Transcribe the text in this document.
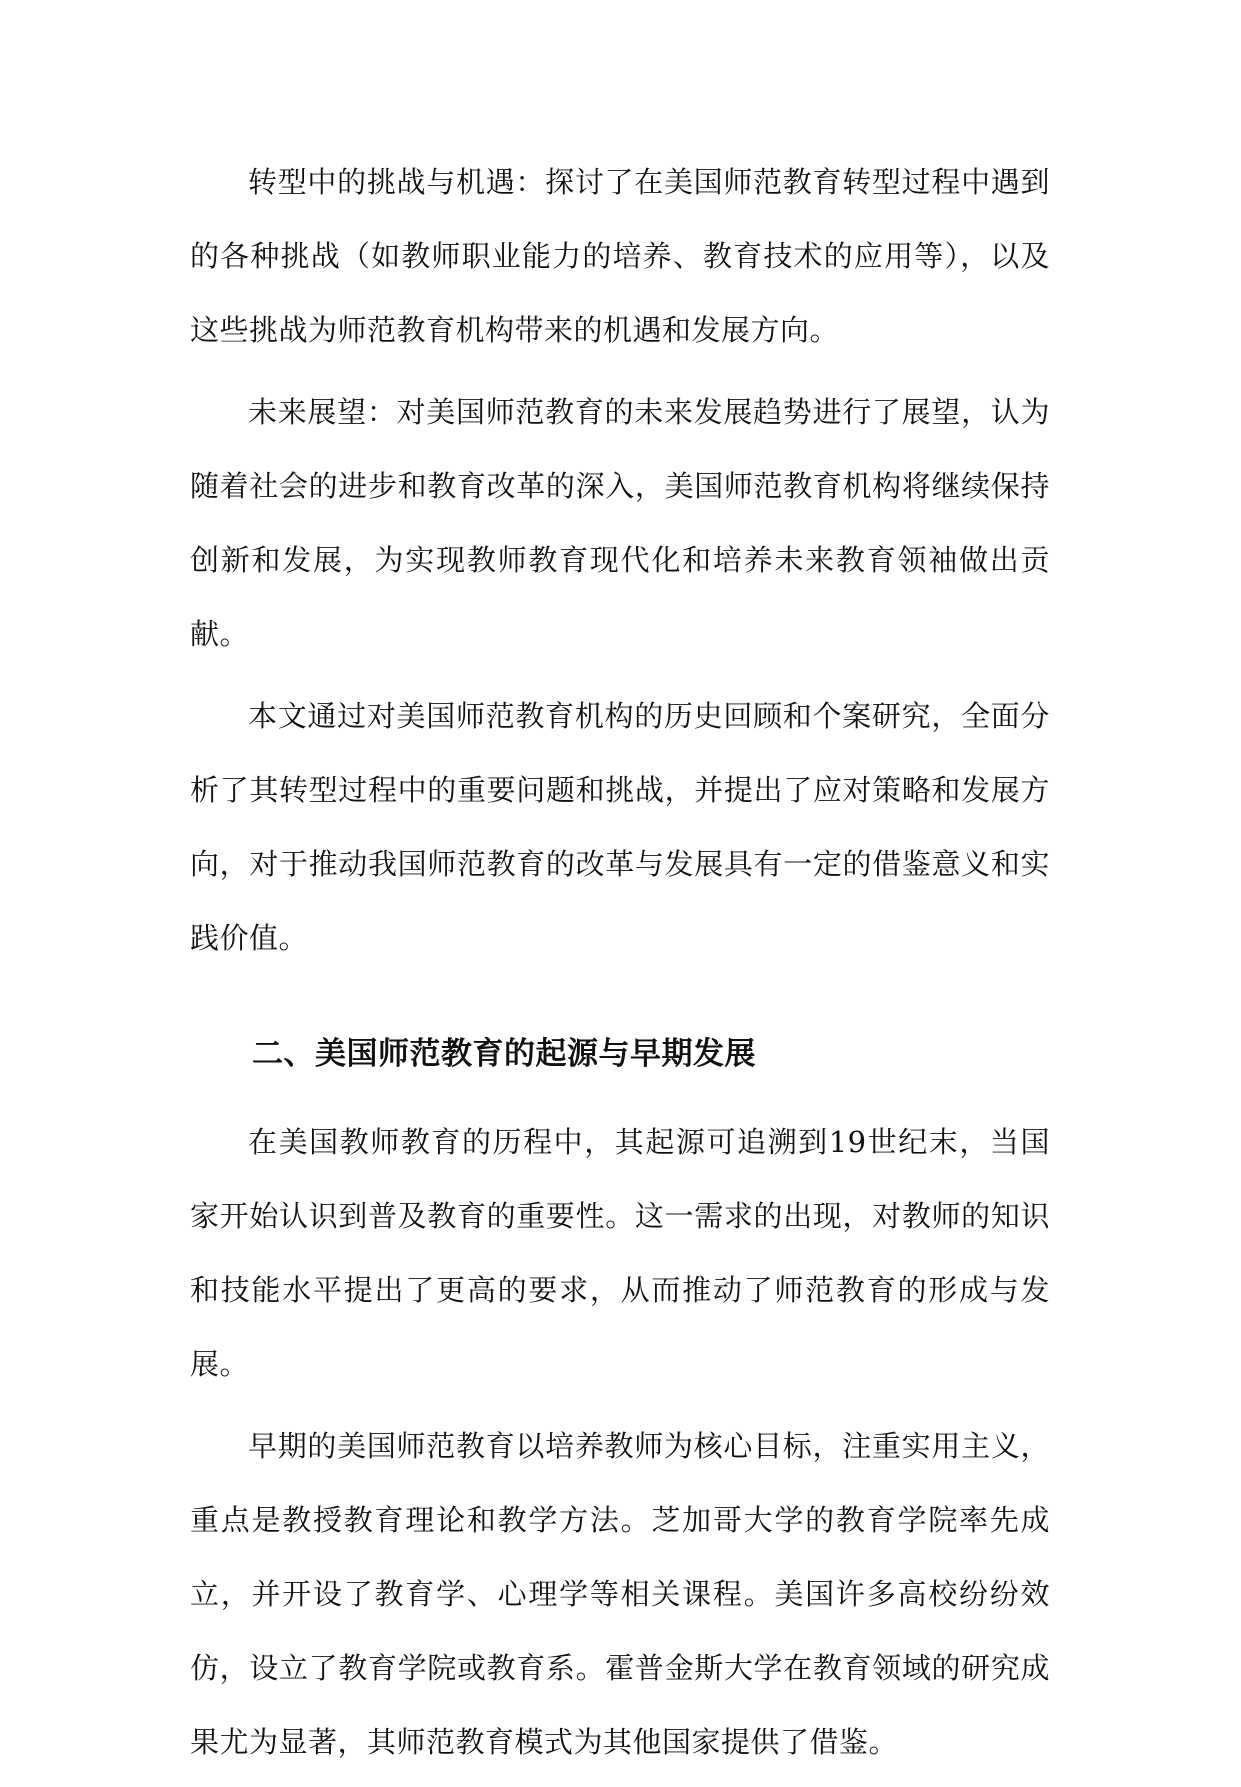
转型中的挑战与机遇：探讨了在美国师范教育转型过程中遇到的各种挑战（如教师职业能力的培养、教育技术的应用等），以及这些挑战为师范教育机构带来的机遇和发展方向。

未来展望：对美国师范教育的未来发展趋势进行了展望，认为随着社会的进步和教育改革的深入，美国师范教育机构将继续保持创新和发展，为实现教师教育现代化和培养未来教育领袖做出贡献。

本文通过对美国师范教育机构的历史回顾和个案研究，全面分析了其转型过程中的重要问题和挑战，并提出了应对策略和发展方向，对于推动我国师范教育的改革与发展具有一定的借鉴意义和实践价值。

二、美国师范教育的起源与早期发展

在美国教师教育的历程中，其起源可追溯到19世纪末，当国家开始认识到普及教育的重要性。这一需求的出现，对教师的知识和技能水平提出了更高的要求，从而推动了师范教育的形成与发展。

早期的美国师范教育以培养教师为核心目标，注重实用主义，重点是教授教育理论和教学方法。芝加哥大学的教育学院率先成立，并开设了教育学、心理学等相关课程。美国许多高校纷纷效仿，设立了教育学院或教育系。霍普金斯大学在教育领域的研究成果尤为显著，其师范教育模式为其他国家提供了借鉴。
